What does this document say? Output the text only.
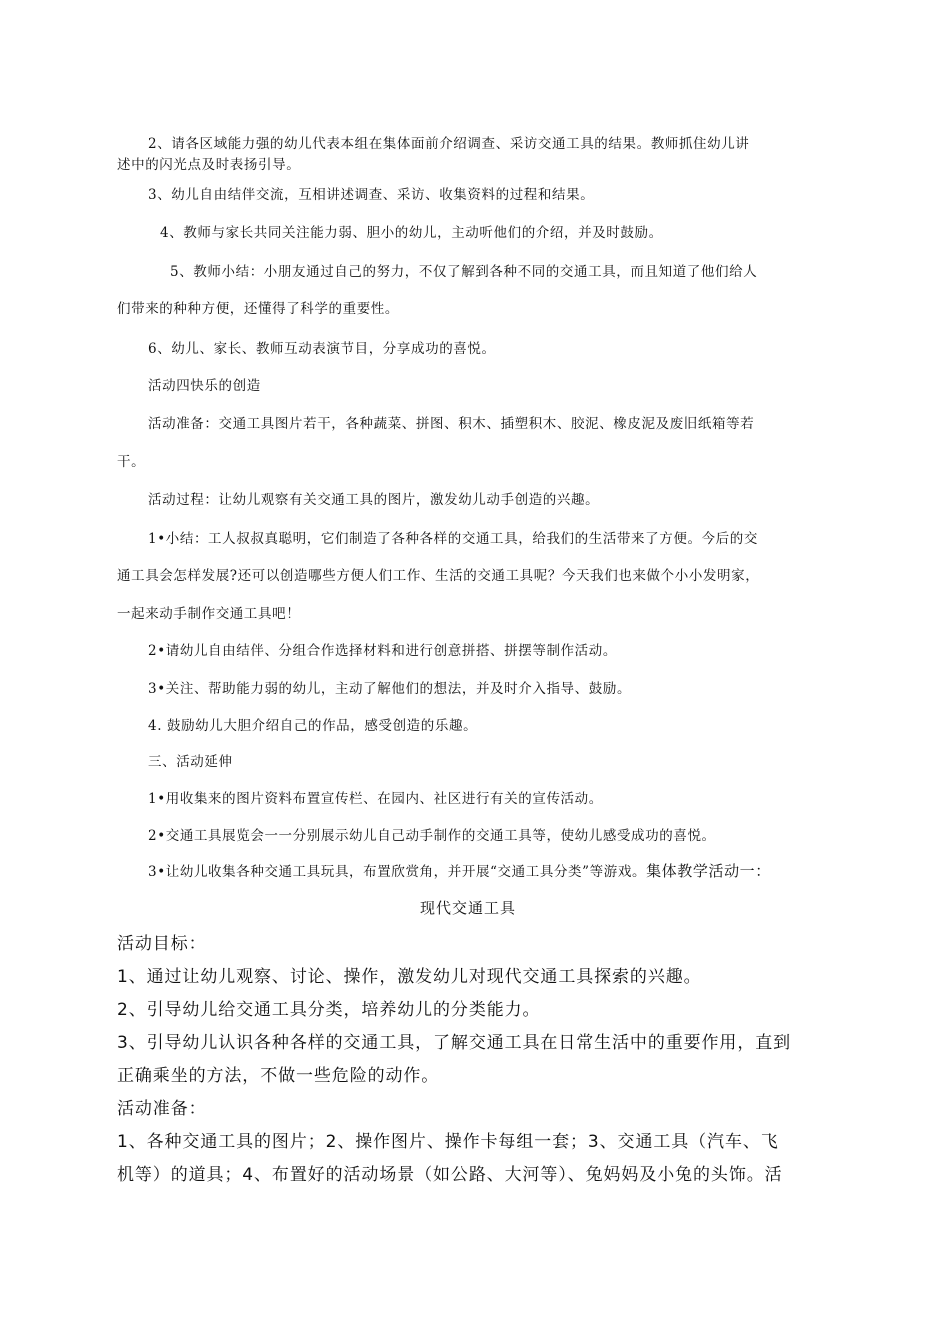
2、请各区域能力强的幼儿代表本组在集体面前介绍调查、采访交通工具的结果。教师抓住幼儿讲
述中的闪光点及时表扬引导。
3、幼儿自由结伴交流，互相讲述调查、采访、收集资料的过程和结果。
4、教师与家长共同关注能力弱、胆小的幼儿，主动听他们的介绍，并及时鼓励。
5、教师小结：小朋友通过自己的努力，不仅了解到各种不同的交通工具，而且知道了他们给人
们带来的种种方便，还懂得了科学的重要性。
6、幼儿、家长、教师互动表演节目，分享成功的喜悦。
活动四快乐的创造
活动准备：交通工具图片若干，各种蔬菜、拼图、积木、插塑积木、胶泥、橡皮泥及废旧纸箱等若
干。
活动过程：让幼儿观察有关交通工具的图片，激发幼儿动手创造的兴趣。
1•小结：工人叔叔真聪明，它们制造了各种各样的交通工具，给我们的生活带来了方便。今后的交
通工具会怎样发展?还可以创造哪些方便人们工作、生活的交通工具呢？今天我们也来做个小小发明家，
一起来动手制作交通工具吧！
2•请幼儿自由结伴、分组合作选择材料和进行创意拼搭、拼摆等制作活动。
3•关注、帮助能力弱的幼儿，主动了解他们的想法，并及时介入指导、鼓励。
4. 鼓励幼儿大胆介绍自己的作品，感受创造的乐趣。
三、活动延伸
1•用收集来的图片资料布置宣传栏、在园内、社区进行有关的宣传活动。
2•交通工具展览会一一分别展示幼儿自己动手制作的交通工具等，使幼儿感受成功的喜悦。
3•让幼儿收集各种交通工具玩具，布置欣赏角，并开展“交通工具分类”等游戏。集体教学活动一：
现代交通工具
活动目标：
1、通过让幼儿观察、讨论、操作，激发幼儿对现代交通工具探索的兴趣。
2、引导幼儿给交通工具分类，培养幼儿的分类能力。
3、引导幼儿认识各种各样的交通工具，了解交通工具在日常生活中的重要作用，直到
正确乘坐的方法，不做一些危险的动作。
活动准备：
1、各种交通工具的图片；2、操作图片、操作卡每组一套；3、交通工具（汽车、飞
机等）的道具；4、布置好的活动场景（如公路、大河等）、兔妈妈及小兔的头饰。活
